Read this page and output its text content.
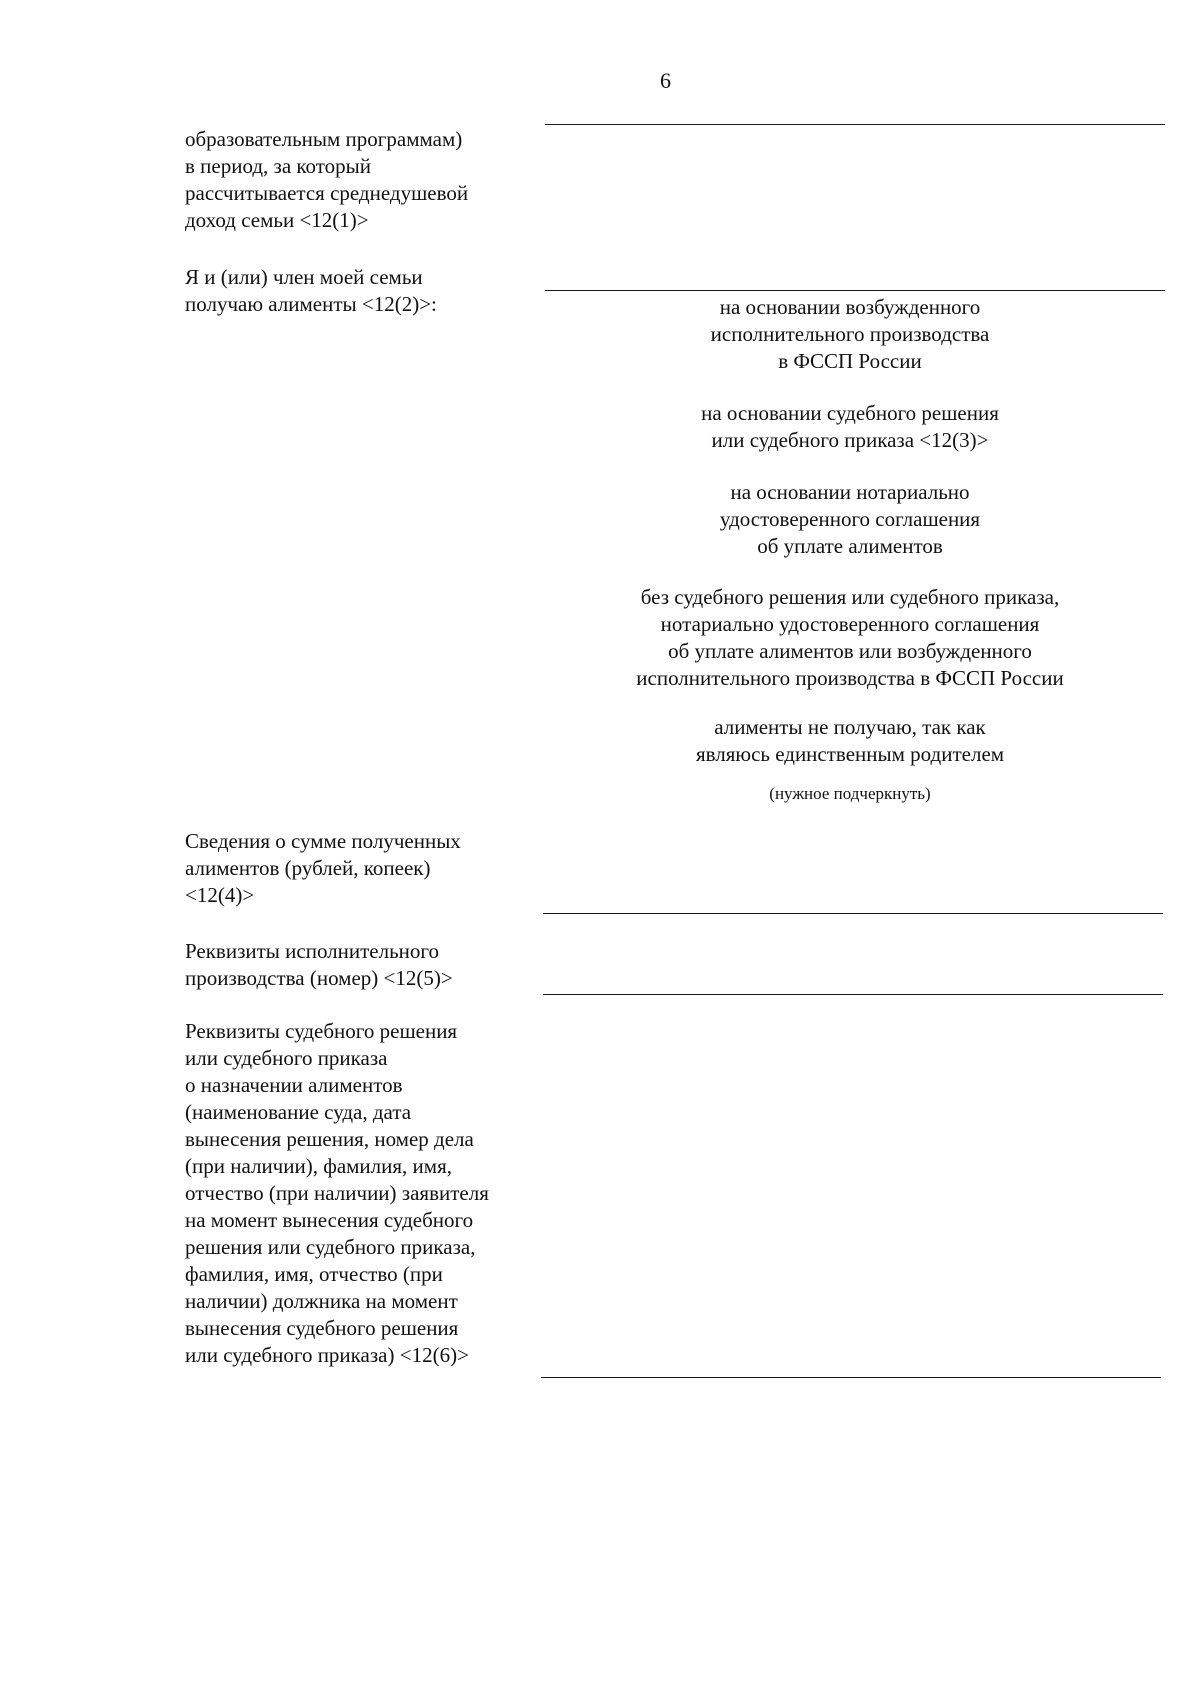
6
образовательным программам)
в период, за который
рассчитывается среднедушевой
доход семьи <12(1)>
Я и (или) член моей семьи
получаю алименты <12(2)>:	на основании возбужденного
исполнительного производства
в ФССП России
на основании судебного решения
или судебного приказа <12(3)>
на основании нотариально
удостоверенного соглашения
об уплате алиментов
без судебного решения или судебного приказа,
нотариально удостоверенного соглашения
об уплате алиментов или возбужденного
исполнительного производства в ФССП России
алименты не получаю, так как
являюсь единственным родителем
(нужное подчеркнуть)
Сведения о сумме полученных
алиментов (рублей, копеек)
<12(4)>
Реквизиты исполнительного
производства (номер) <12(5)>
Реквизиты судебного решения
или судебного приказа
о назначении алиментов
(наименование суда, дата
вынесения решения, номер дела
(при наличии), фамилия, имя,
отчество (при наличии) заявителя
на момент вынесения судебного
решения или судебного приказа,
фамилия, имя, отчество (при
наличии) должника на момент
вынесения судебного решения
или судебного приказа) <12(6)>
